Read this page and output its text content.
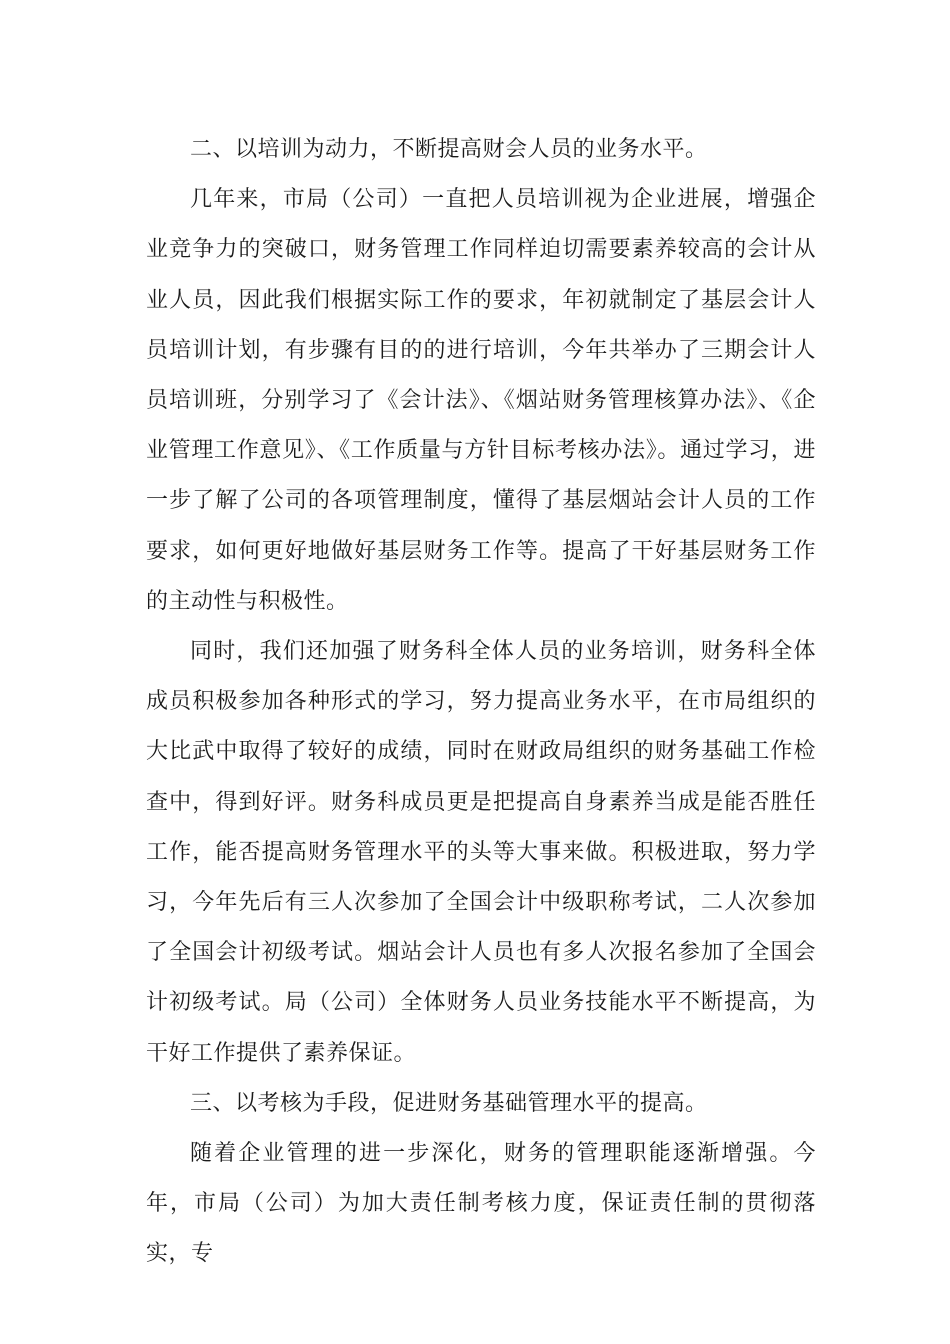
二、以培训为动力，不断提高财会人员的业务水平。

几年来，市局（公司）一直把人员培训视为企业进展，增强企业竞争力的突破口，财务管理工作同样迫切需要素养较高的会计从业人员，因此我们根据实际工作的要求，年初就制定了基层会计人员培训计划，有步骤有目的的进行培训，今年共举办了三期会计人员培训班，分别学习了《会计法》、《烟站财务管理核算办法》、《企业管理工作意见》、《工作质量与方针目标考核办法》。通过学习，进一步了解了公司的各项管理制度，懂得了基层烟站会计人员的工作要求，如何更好地做好基层财务工作等。提高了干好基层财务工作的主动性与积极性。

同时，我们还加强了财务科全体人员的业务培训，财务科全体成员积极参加各种形式的学习，努力提高业务水平，在市局组织的大比武中取得了较好的成绩，同时在财政局组织的财务基础工作检查中，得到好评。财务科成员更是把提高自身素养当成是能否胜任工作，能否提高财务管理水平的头等大事来做。积极进取，努力学习，今年先后有三人次参加了全国会计中级职称考试，二人次参加了全国会计初级考试。烟站会计人员也有多人次报名参加了全国会计初级考试。局（公司）全体财务人员业务技能水平不断提高，为干好工作提供了素养保证。

三、以考核为手段，促进财务基础管理水平的提高。

随着企业管理的进一步深化，财务的管理职能逐渐增强。今年，市局（公司）为加大责任制考核力度，保证责任制的贯彻落实，专
